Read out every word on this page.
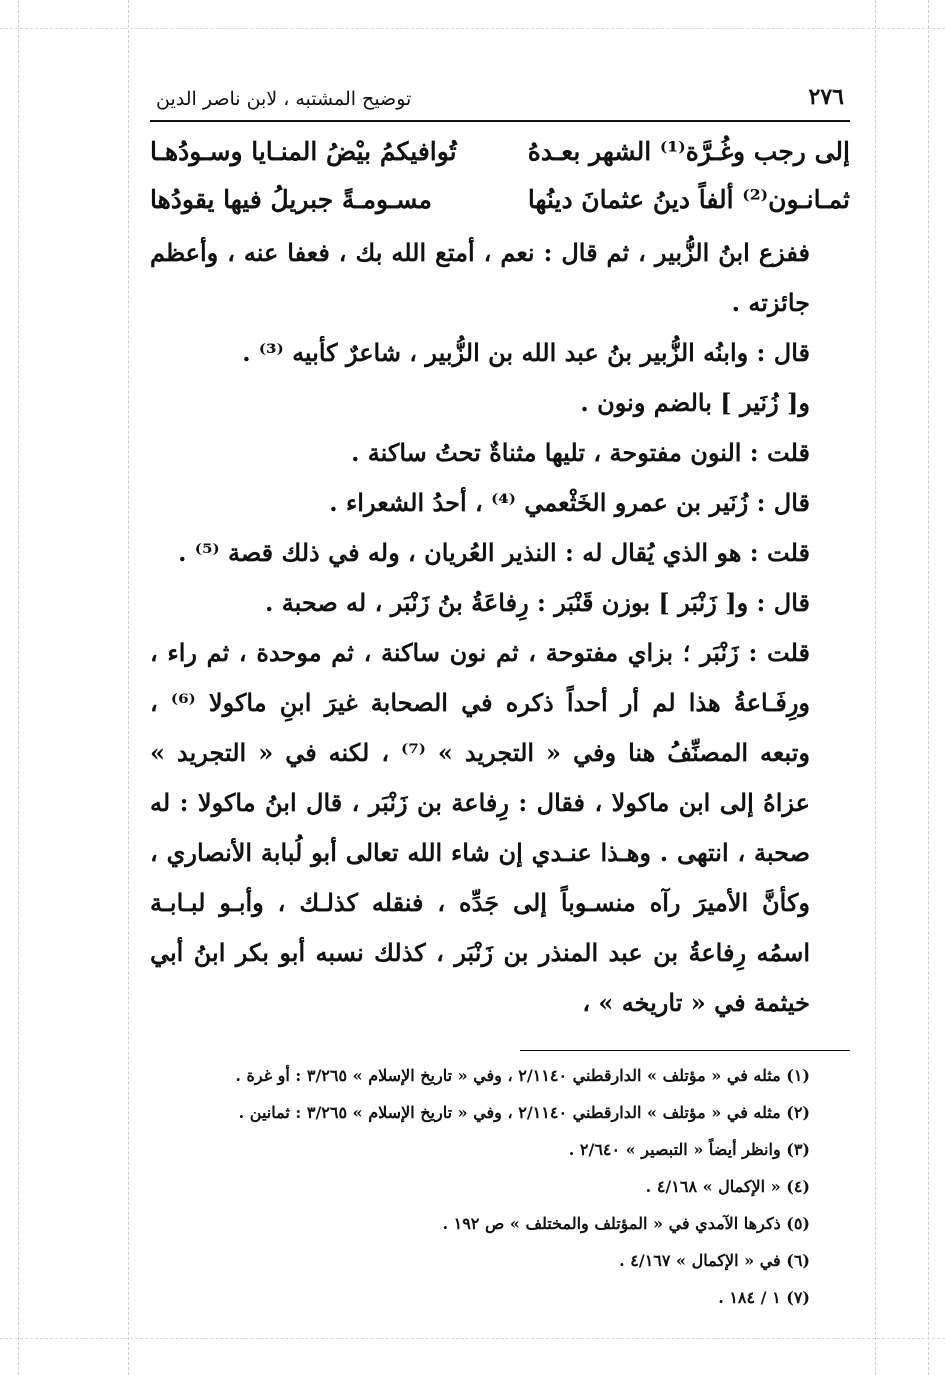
٢٧٦
توضيح المشتبه ، لابن ناصر الدين
إلى رجب وغُـرَّة⁽¹⁾ الشهر بعـدهُ
تُوافيكمُ بيْضُ المنـايا وسـودُهـا
ثمـانـون⁽²⁾ ألفاً دينُ عثمانَ دينُها
مسـومـةً جبريلُ فيها يقودُها

ففزع ابنُ الزُّبير ، ثم قال : نعم ، أمتع الله بك ، فعفا عنه ، وأعظم جائزته .

قال : وابنُه الزُّبير بنُ عبد الله بن الزُّبير ، شاعرٌ كأبيه ⁽³⁾ .

و[ زُنَير ] بالضم ونون .

قلت : النون مفتوحة ، تليها مثناةٌ تحتُ ساكنة .

قال : زُنَير بن عمرو الخَثْعمي ⁽⁴⁾ ، أحدُ الشعراء .

قلت : هو الذي يُقال له : النذير العُريان ، وله في ذلك قصة ⁽⁵⁾ .

قال : و[ زَنْبَر ] بوزن قَنْبَر : رِفاعَةُ بنُ زَنْبَر ، له صحبة .

قلت : زَنْبَر ؛ بزاي مفتوحة ، ثم نون ساكنة ، ثم موحدة ، ثم راء ، ورِفَـاعةُ هذا لم أر أحداً ذكره في الصحابة غيرَ ابنِ ماكولا ⁽⁶⁾ ، وتبعه المصنِّفُ هنا وفي « التجريد » ⁽⁷⁾ ، لكنه في « التجريد » عزاهُ إلى ابن ماكولا ، فقال : رِفاعة بن زَنْبَر ، قال ابنُ ماكولا : له صحبة ، انتهى . وهـذا عنـدي إن شاء الله تعالى أبو لُبابة الأنصاري ، وكأنَّ الأميرَ رآه منسـوباً إلى جَدِّه ، فنقله كذلـك ، وأبـو لبـابـة اسمُه رِفاعةُ بن عبد المنذر بن زَنْبَر ، كذلك نسبه أبو بكر ابنُ أبي خيثمة في « تاريخه » ،

(١) مثله في « مؤتلف » الدارقطني ٢/١١٤٠ ، وفي « تاريخ الإسلام » ٣/٢٦٥ : أو غرة .

(٢) مثله في « مؤتلف » الدارقطني ٢/١١٤٠ ، وفي « تاريخ الإسلام » ٣/٢٦٥ : ثمانين .

(٣) وانظر أيضاً « التبصير » ٢/٦٤٠ .

(٤) « الإكمال » ٤/١٦٨ .

(٥) ذكرها الآمدي في « المؤتلف والمختلف » ص ١٩٢ .

(٦) في « الإكمال » ٤/١٦٧ .

(٧) ١ / ١٨٤ .
